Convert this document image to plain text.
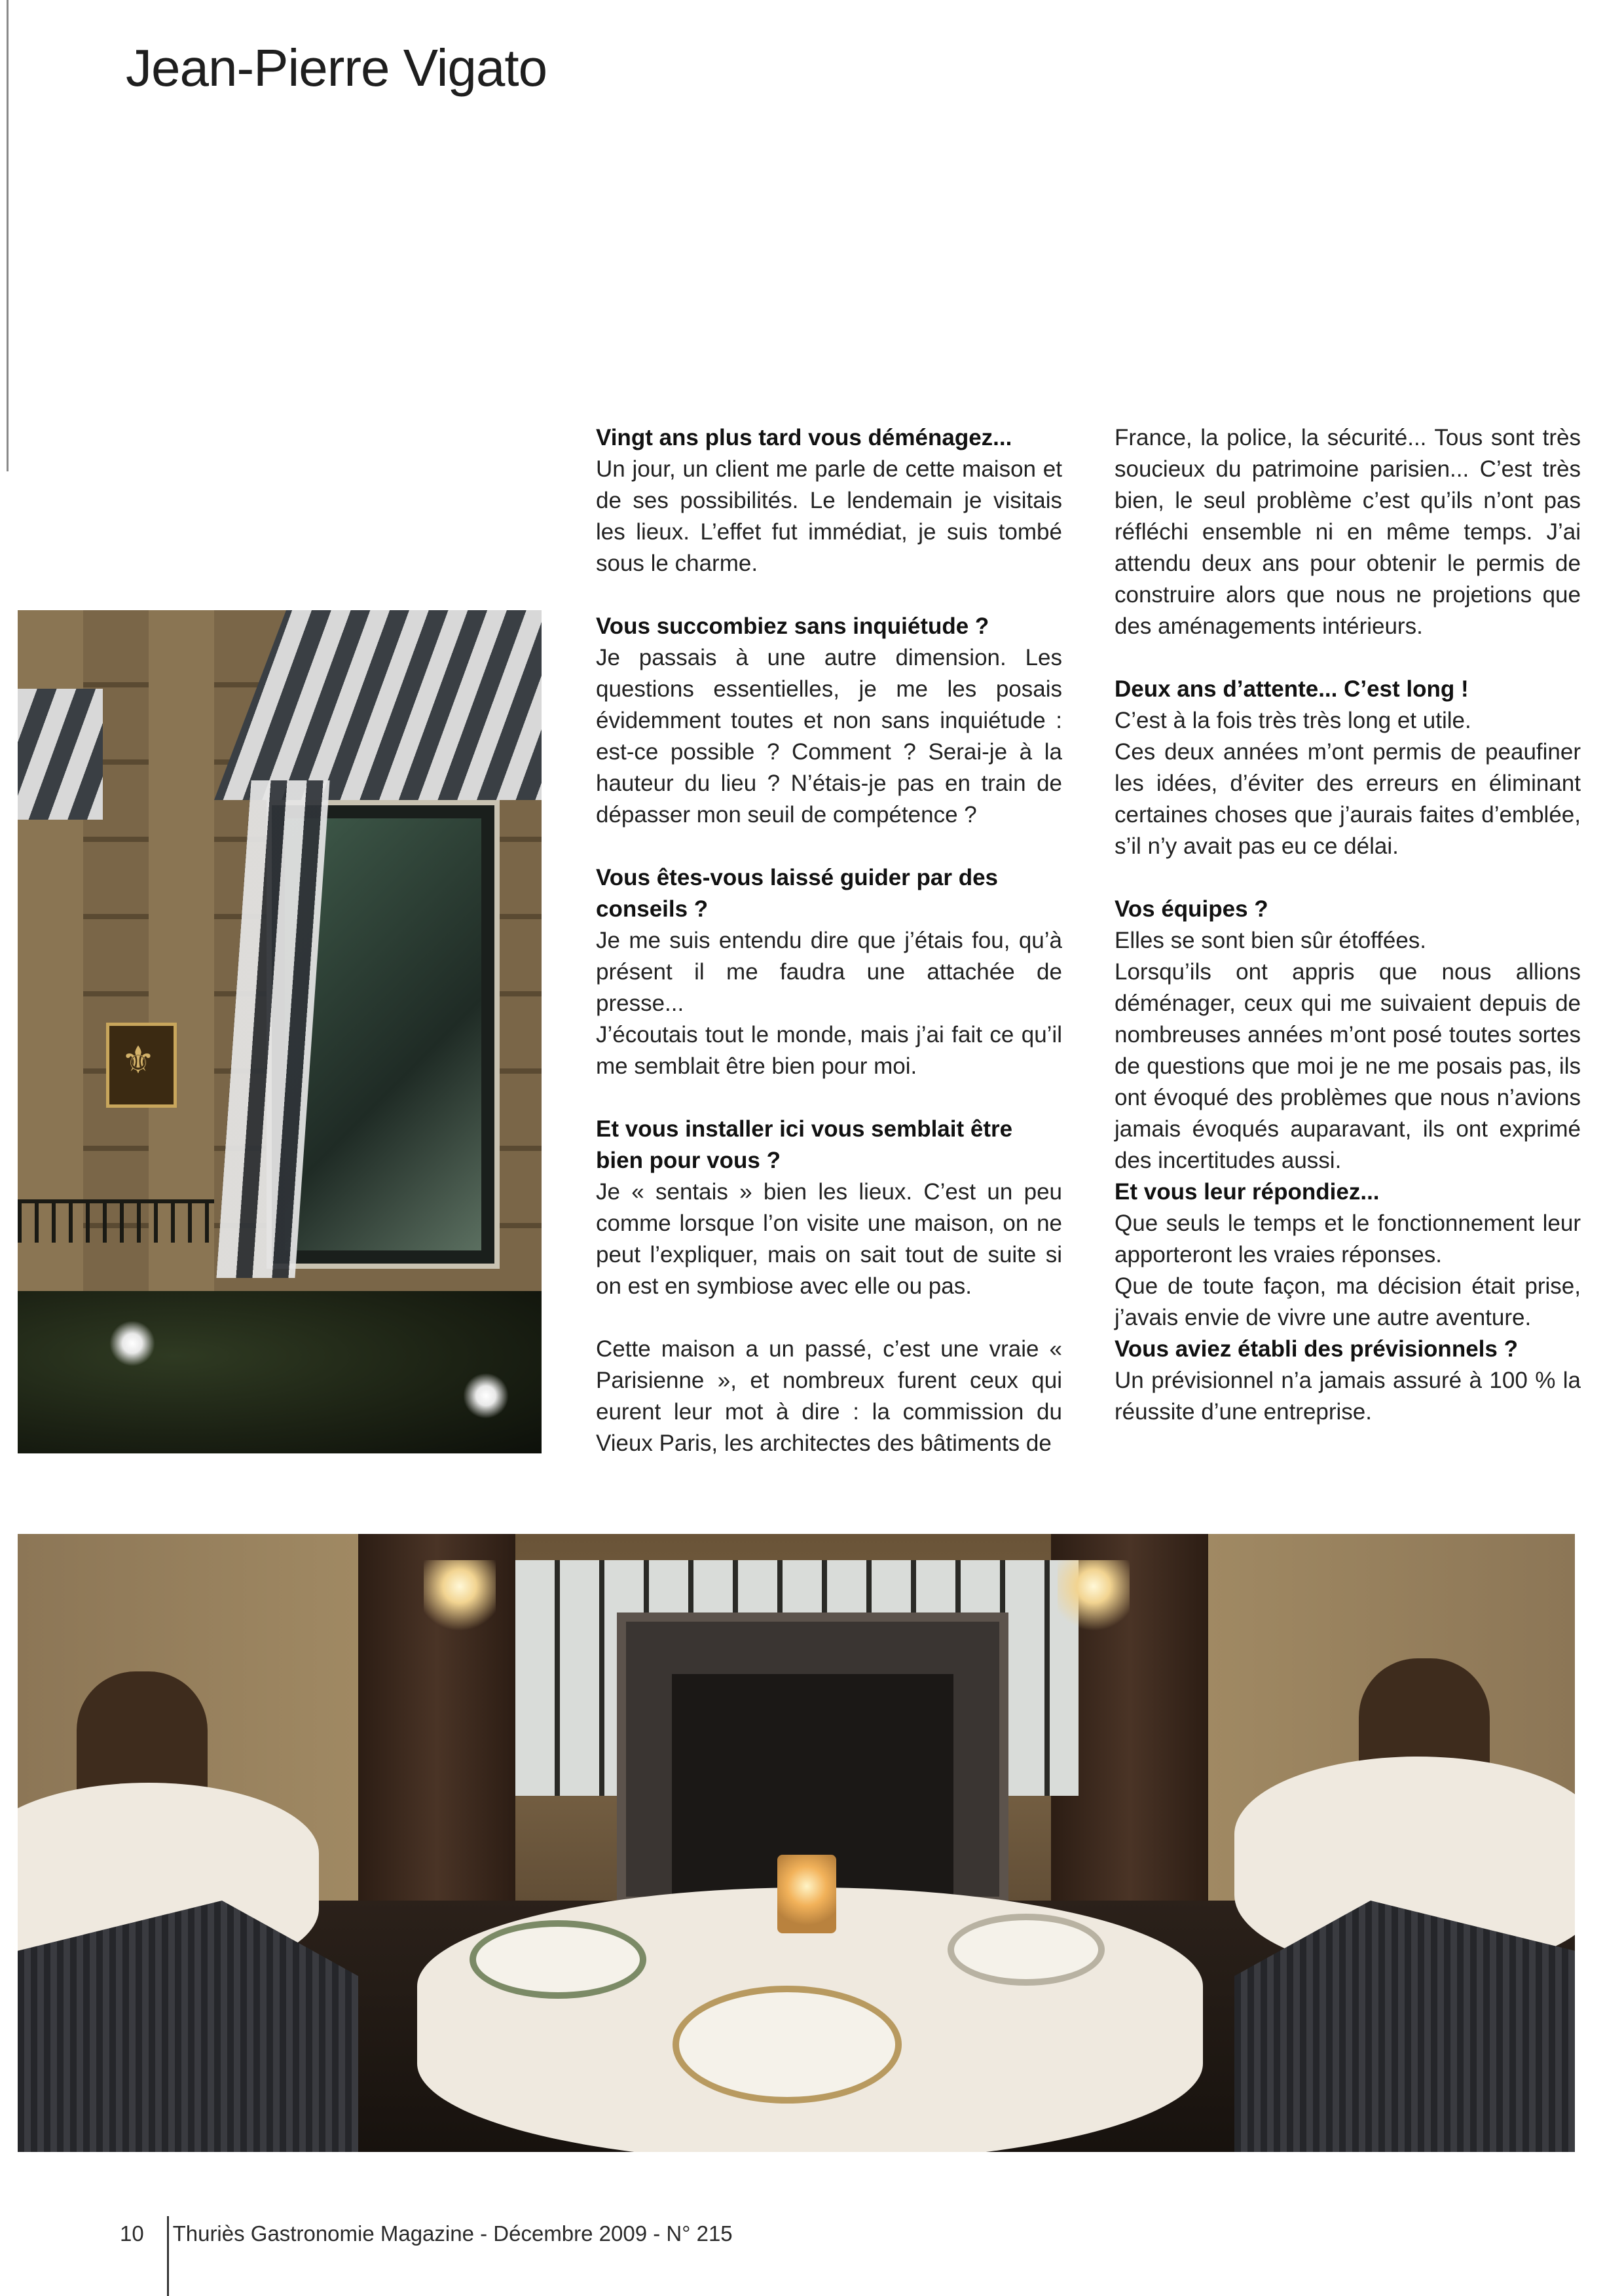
Jean-Pierre Vigato
⚜

Vingt ans plus tard vous déménagez...

Un jour, un client me parle de cette maison et de ses possibilités. Le lendemain je visitais les lieux. L’effet fut immédiat, je suis tombé sous le charme.

Vous succombiez sans inquiétude ?

Je passais à une autre dimension. Les questions essentielles, je me les posais évidemment toutes et non sans inquiétude : est-ce possible ? Comment ? Serai-je à la hauteur du lieu ? N’étais-je pas en train de dépasser mon seuil de compétence ?

Vous êtes-vous laissé guider par des conseils ?

Je me suis entendu dire que j’étais fou, qu’à présent il me faudra une attachée de presse...

J’écoutais tout le monde, mais j’ai fait ce qu’il me semblait être bien pour moi.

Et vous installer ici vous semblait être bien pour vous ?

Je « sentais » bien les lieux. C’est un peu comme lorsque l’on visite une maison, on ne peut l’expliquer, mais on sait tout de suite si on est en symbiose avec elle ou pas.

Cette maison a un passé, c’est une vraie « Parisienne », et nombreux furent ceux qui eurent leur mot à dire : la commission du Vieux Paris, les architectes des bâtiments de

France, la police, la sécurité... Tous sont très soucieux du patrimoine parisien... C’est très bien, le seul problème c’est qu’ils n’ont pas réfléchi ensemble ni en même temps. J’ai attendu deux ans pour obtenir le permis de construire alors que nous ne projetions que des aménagements intérieurs.

Deux ans d’attente... C’est long !

C’est à la fois très très long et utile.

Ces deux années m’ont permis de peaufiner les idées, d’éviter des erreurs en éliminant certaines choses que j’aurais faites d’emblée, s’il n’y avait pas eu ce délai.

Vos équipes ?

Elles se sont bien sûr étoffées.

Lorsqu’ils ont appris que nous allions déménager, ceux qui me suivaient depuis de nombreuses années m’ont posé toutes sortes de questions que moi je ne me posais pas, ils ont évoqué des problèmes que nous n’avions jamais évoqués auparavant, ils ont exprimé des incertitudes aussi.

Et vous leur répondiez...

Que seuls le temps et le fonctionnement leur apporteront les vraies réponses.

Que de toute façon, ma décision était prise, j’avais envie de vivre une autre aventure.

Vous aviez établi des prévisionnels ?

Un prévisionnel n’a jamais assuré à 100 % la réussite d’une entreprise.

10 Thuriès Gastronomie Magazine - Décembre 2009 - N° 215
